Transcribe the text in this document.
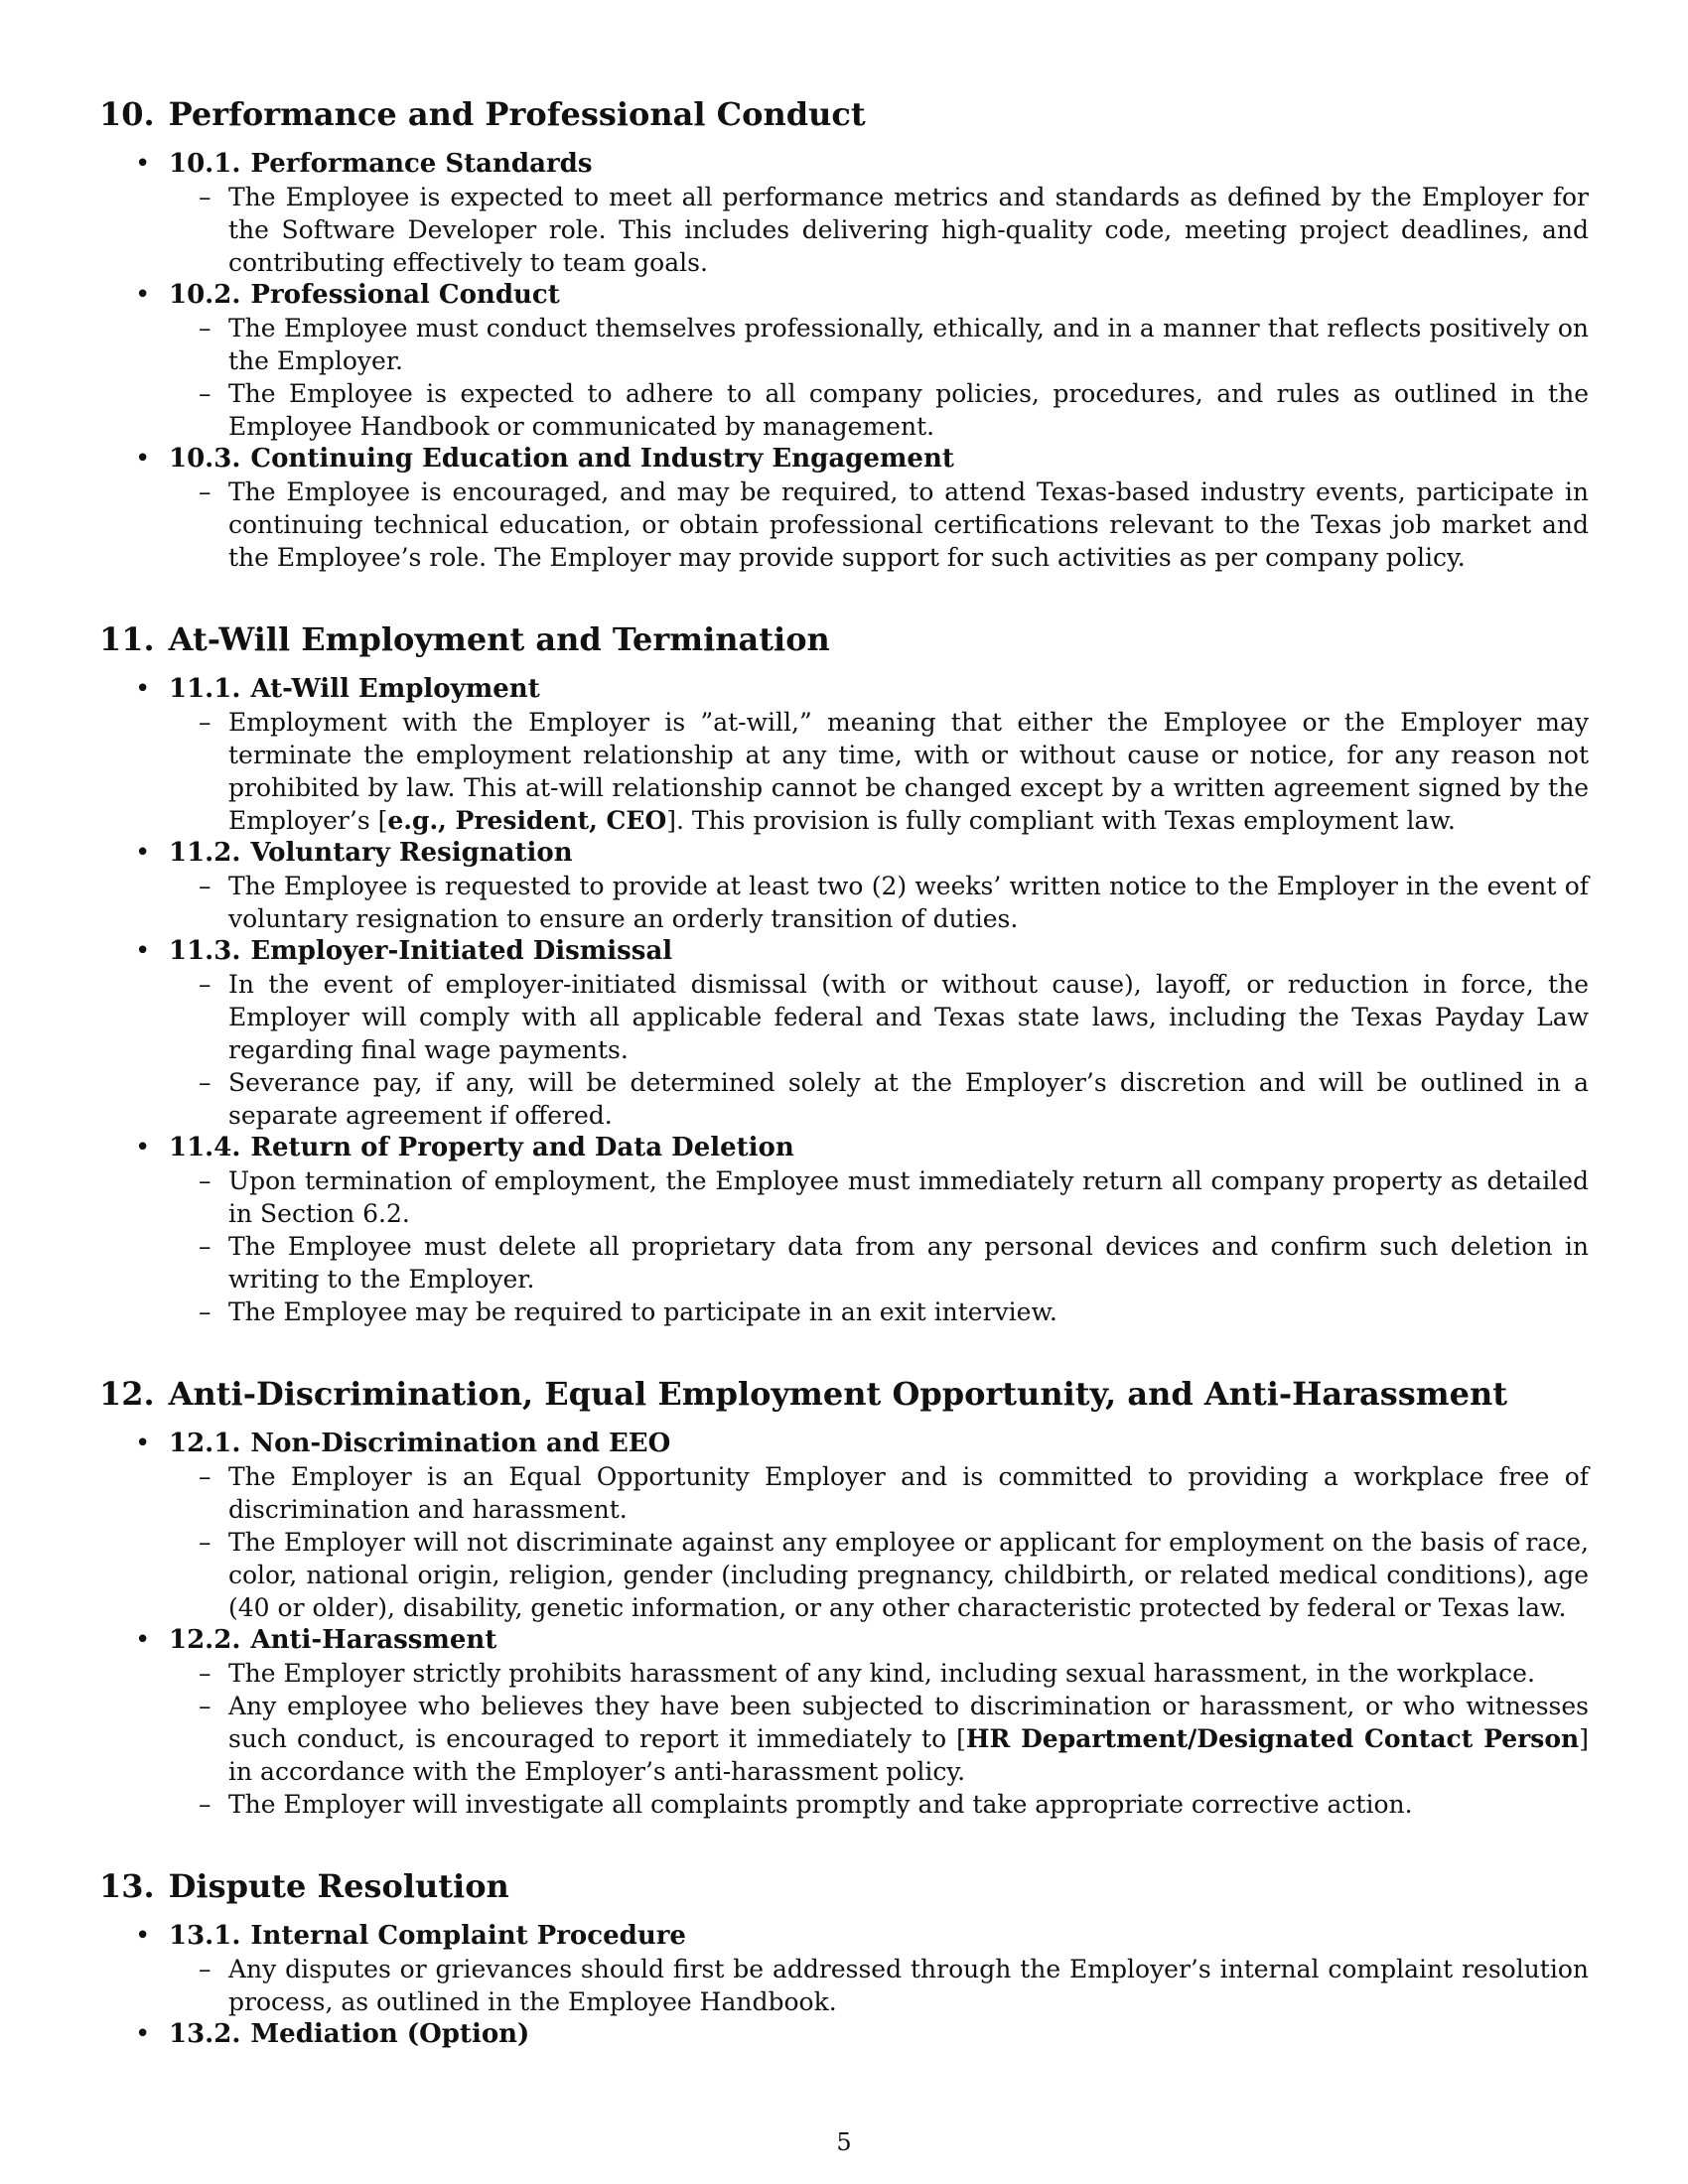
10. Performance and Professional Conduct
• 10.1. Performance Standards
– The Employee is expected to meet all performance metrics and standards as defined by the Employer for the Software Developer role. This includes delivering high-quality code, meeting project deadlines, and contributing effectively to team goals.
• 10.2. Professional Conduct
– The Employee must conduct themselves professionally, ethically, and in a manner that reflects positively on the Employer.
– The Employee is expected to adhere to all company policies, procedures, and rules as outlined in the Employee Handbook or communicated by management.
• 10.3. Continuing Education and Industry Engagement
– The Employee is encouraged, and may be required, to attend Texas-based industry events, participate in continuing technical education, or obtain professional certifications relevant to the Texas job market and the Employee’s role. The Employer may provide support for such activities as per company policy.
11. At-Will Employment and Termination
• 11.1. At-Will Employment
– Employment with the Employer is ”at-will,” meaning that either the Employee or the Employer may terminate the employment relationship at any time, with or without cause or notice, for any reason not prohibited by law. This at-will relationship cannot be changed except by a written agreement signed by the Employer’s [e.g., President, CEO]. This provision is fully compliant with Texas employment law.
• 11.2. Voluntary Resignation
– The Employee is requested to provide at least two (2) weeks’ written notice to the Employer in the event of voluntary resignation to ensure an orderly transition of duties.
• 11.3. Employer-Initiated Dismissal
– In the event of employer-initiated dismissal (with or without cause), layoff, or reduction in force, the Employer will comply with all applicable federal and Texas state laws, including the Texas Payday Law regarding final wage payments.
– Severance pay, if any, will be determined solely at the Employer’s discretion and will be outlined in a separate agreement if offered.
• 11.4. Return of Property and Data Deletion
– Upon termination of employment, the Employee must immediately return all company property as detailed in Section 6.2.
– The Employee must delete all proprietary data from any personal devices and confirm such deletion in writing to the Employer.
– The Employee may be required to participate in an exit interview.
12. Anti-Discrimination, Equal Employment Opportunity, and Anti-Harassment
• 12.1. Non-Discrimination and EEO
– The Employer is an Equal Opportunity Employer and is committed to providing a workplace free of discrimination and harassment.
– The Employer will not discriminate against any employee or applicant for employment on the basis of race, color, national origin, religion, gender (including pregnancy, childbirth, or related medical conditions), age (40 or older), disability, genetic information, or any other characteristic protected by federal or Texas law.
• 12.2. Anti-Harassment
– The Employer strictly prohibits harassment of any kind, including sexual harassment, in the workplace.
– Any employee who believes they have been subjected to discrimination or harassment, or who witnesses such conduct, is encouraged to report it immediately to [HR Department/Designated Contact Person] in accordance with the Employer’s anti-harassment policy.
– The Employer will investigate all complaints promptly and take appropriate corrective action.
13. Dispute Resolution
• 13.1. Internal Complaint Procedure
– Any disputes or grievances should first be addressed through the Employer’s internal complaint resolution process, as outlined in the Employee Handbook.
• 13.2. Mediation (Option)
5
